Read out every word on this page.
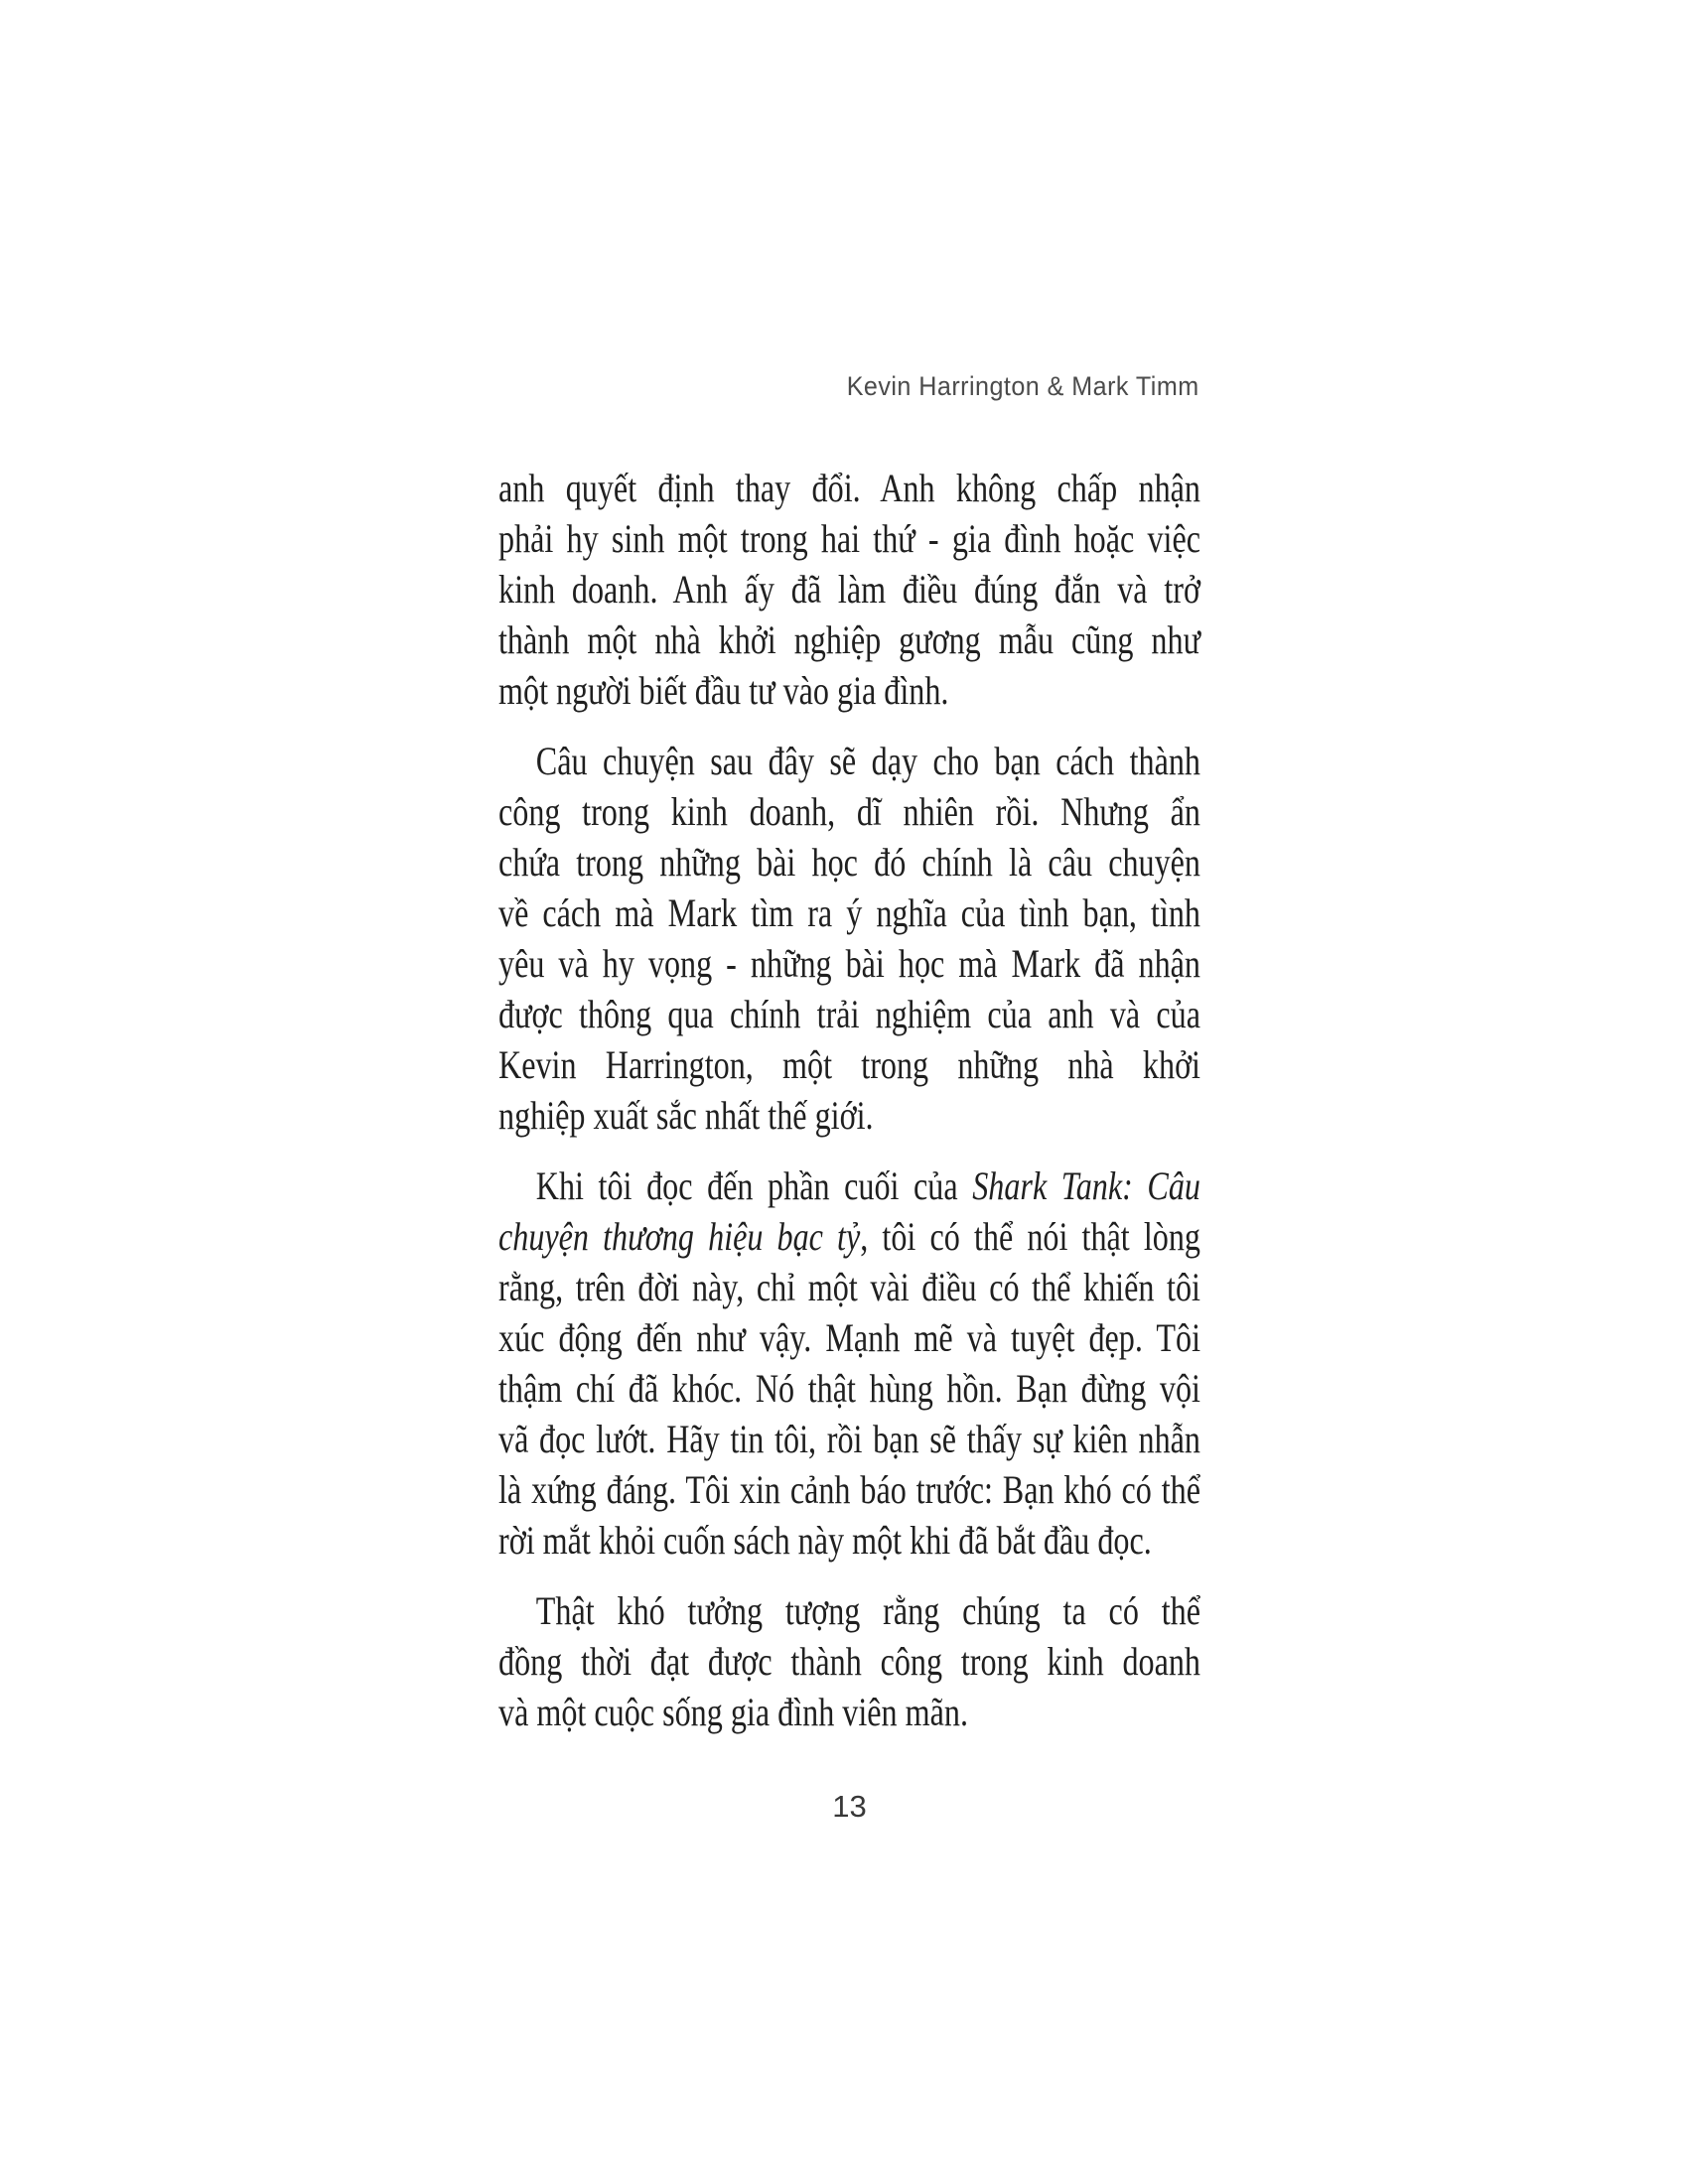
Kevin Harrington & Mark Timm
anh quyết định thay đổi. Anh không chấp nhận
phải hy sinh một trong hai thứ - gia đình hoặc việc
kinh doanh. Anh ấy đã làm điều đúng đắn và trở
thành một nhà khởi nghiệp gương mẫu cũng như
một người biết đầu tư vào gia đình.
Câu chuyện sau đây sẽ dạy cho bạn cách thành
công trong kinh doanh, dĩ nhiên rồi. Nhưng ẩn
chứa trong những bài học đó chính là câu chuyện
về cách mà Mark tìm ra ý nghĩa của tình bạn, tình
yêu và hy vọng - những bài học mà Mark đã nhận
được thông qua chính trải nghiệm của anh và của
Kevin Harrington, một trong những nhà khởi
nghiệp xuất sắc nhất thế giới.
Khi tôi đọc đến phần cuối của Shark Tank: Câu
chuyện thương hiệu bạc tỷ, tôi có thể nói thật lòng
rằng, trên đời này, chỉ một vài điều có thể khiến tôi
xúc động đến như vậy. Mạnh mẽ và tuyệt đẹp. Tôi
thậm chí đã khóc. Nó thật hùng hồn. Bạn đừng vội
vã đọc lướt. Hãy tin tôi, rồi bạn sẽ thấy sự kiên nhẫn
là xứng đáng. Tôi xin cảnh báo trước: Bạn khó có thể
rời mắt khỏi cuốn sách này một khi đã bắt đầu đọc.
Thật khó tưởng tượng rằng chúng ta có thể
đồng thời đạt được thành công trong kinh doanh
và một cuộc sống gia đình viên mãn.
13
